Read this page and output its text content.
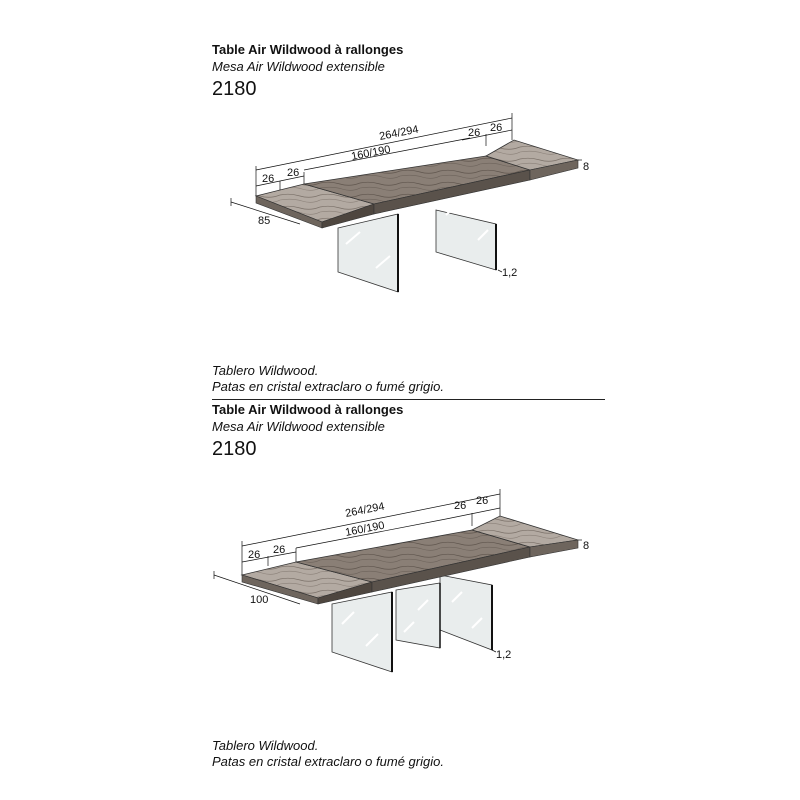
Table Air Wildwood à rallonges
Mesa Air Wildwood extensible
2180
264/294
160/190
26 26
26 26
85
8
1,2
Tablero Wildwood.
Patas en cristal extraclaro o fumé grigio.
Table Air Wildwood à rallonges
Mesa Air Wildwood extensible
2180
264/294
160/190
26 26
26 26
100
8
1,2
Tablero Wildwood.
Patas en cristal extraclaro o fumé grigio.
